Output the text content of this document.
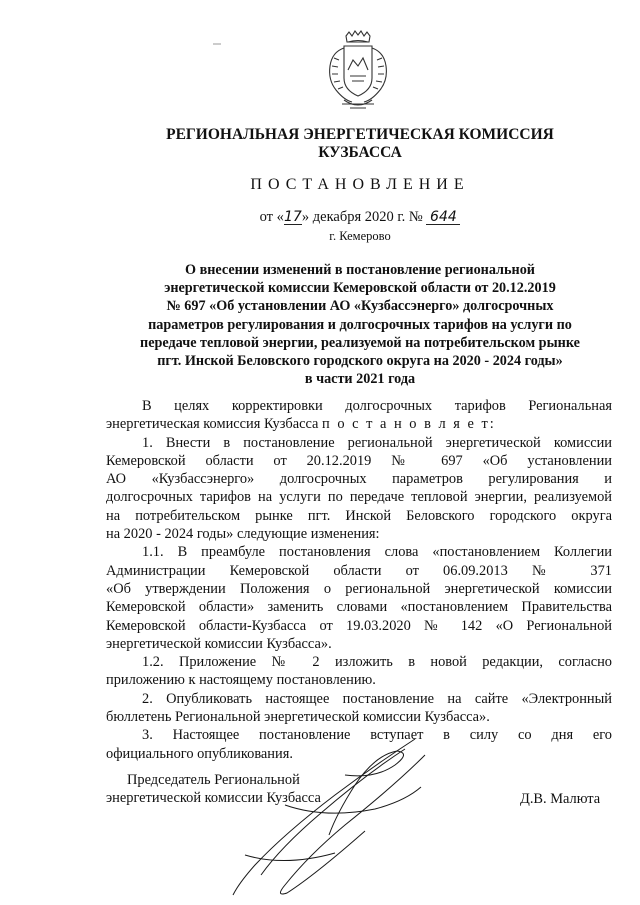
РЕГИОНАЛЬНАЯ ЭНЕРГЕТИЧЕСКАЯ КОМИССИЯ
КУЗБАССА
ПОСТАНОВЛЕНИЕ
от «17» декабря 2020 г. № 644
г. Кемерово
О внесении изменений в постановление региональной
энергетической комиссии Кемеровской области от 20.12.2019
№ 697 «Об установлении АО «Кузбассэнерго» долгосрочных
параметров регулирования и долгосрочных тарифов на услуги по
передаче тепловой энергии, реализуемой на потребительском рынке
пгт. Инской Беловского городского округа на 2020 - 2024 годы»
в части 2021 года

В целях корректировки долгосрочных тарифов Региональная

энергетическая комиссия Кузбасса п о с т а н о в л я е т:

1. Внести в постановление региональной энергетической комиссии

Кемеровской области от 20.12.2019 № 697 «Об установлении

АО «Кузбассэнерго» долгосрочных параметров регулирования и

долгосрочных тарифов на услуги по передаче тепловой энергии, реализуемой

на потребительском рынке пгт. Инской Беловского городского округа

на 2020 - 2024 годы» следующие изменения:

1.1. В преамбуле постановления слова «постановлением Коллегии

Администрации Кемеровской области от 06.09.2013 № 371

«Об утверждении Положения о региональной энергетической комиссии

Кемеровской области» заменить словами «постановлением Правительства

Кемеровской области-Кузбасса от 19.03.2020 № 142 «О Региональной

энергетической комиссии Кузбасса».

1.2. Приложение № 2 изложить в новой редакции, согласно

приложению к настоящему постановлению.

2. Опубликовать настоящее постановление на сайте «Электронный

бюллетень Региональной энергетической комиссии Кузбасса».

3. Настоящее постановление вступает в силу со дня его

официального опубликования.

Председатель Региональной
энергетической комиссии Кузбасса	Д.В. Малюта
